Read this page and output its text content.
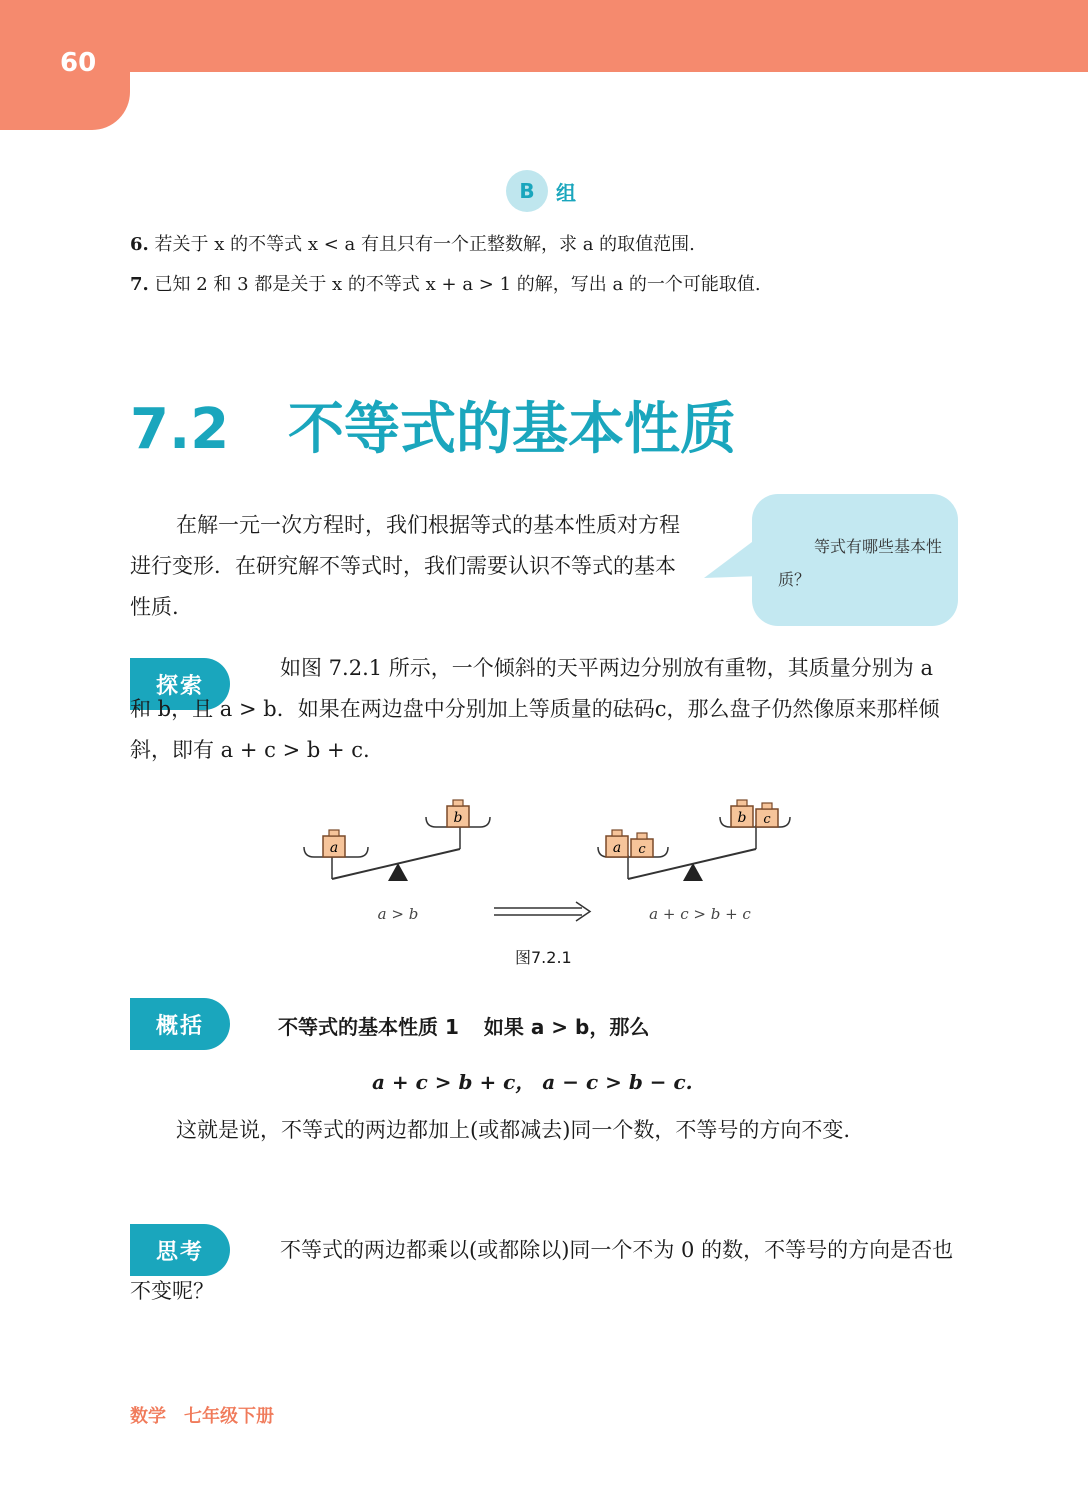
60
B	组
6. 若关于 x 的不等式 x < a 有且只有一个正整数解，求 a 的取值范围.
7. 已知 2 和 3 都是关于 x 的不等式 x + a > 1 的解，写出 a 的一个可能取值.
7.2 不等式的基本性质
在解一元一次方程时，我们根据等式的基本性质对方程进行变形．在研究解不等式时，我们需要认识不等式的基本性质.
等式有哪些基本性质？
探索
如图 7.2.1 所示，一个倾斜的天平两边分别放有重物，其质量分别为 a 和 b，且 a > b．如果在两边盘中分别加上等质量的砝码c，那么盘子仍然像原来那样倾斜，即有 a + c > b + c.
a
b
a > b
a c
b c
a + c > b + c
图7.2.1
概括	不等式的基本性质 1 如果 a > b，那么
a + c > b + c， a − c > b − c.
这就是说，不等式的两边都加上(或都减去)同一个数，不等号的方向不变.
思考	不等式的两边都乘以(或都除以)同一个不为 0 的数，不等号的方向是否也不变呢？
数学　七年级下册
